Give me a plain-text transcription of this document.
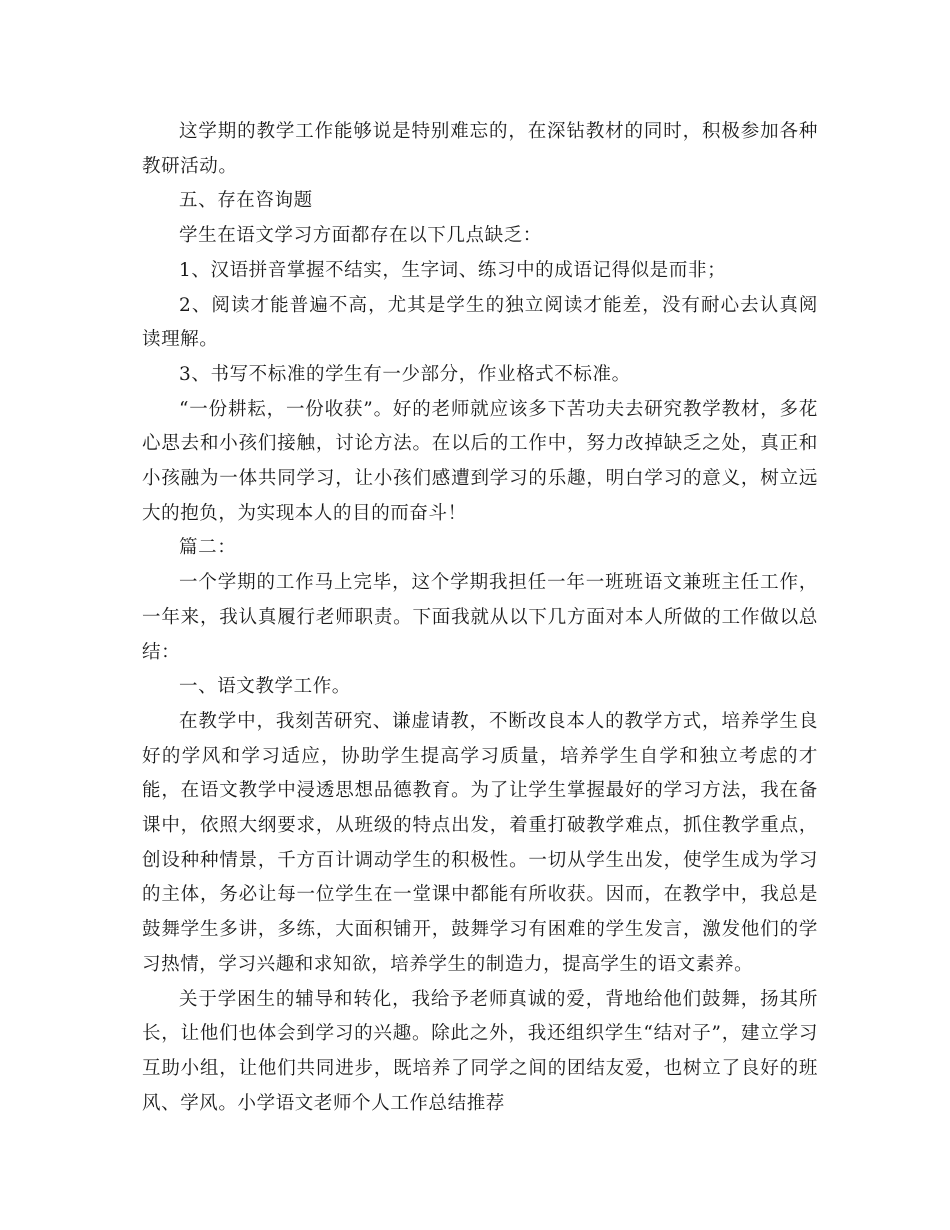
这学期的教学工作能够说是特别难忘的，在深钻教材的同时，积极参加各种教研活动。

五、存在咨询题

学生在语文学习方面都存在以下几点缺乏：

1、汉语拼音掌握不结实，生字词、练习中的成语记得似是而非；

2、阅读才能普遍不高，尤其是学生的独立阅读才能差，没有耐心去认真阅读理解。

3、书写不标准的学生有一少部分，作业格式不标准。

“一份耕耘，一份收获”。好的老师就应该多下苦功夫去研究教学教材，多花心思去和小孩们接触，讨论方法。在以后的工作中，努力改掉缺乏之处，真正和小孩融为一体共同学习，让小孩们感遭到学习的乐趣，明白学习的意义，树立远大的抱负，为实现本人的目的而奋斗！

篇二：

一个学期的工作马上完毕，这个学期我担任一年一班班语文兼班主任工作，一年来，我认真履行老师职责。下面我就从以下几方面对本人所做的工作做以总结：

一、语文教学工作。

在教学中，我刻苦研究、谦虚请教，不断改良本人的教学方式，培养学生良好的学风和学习适应，协助学生提高学习质量，培养学生自学和独立考虑的才能，在语文教学中浸透思想品德教育。为了让学生掌握最好的学习方法，我在备课中，依照大纲要求，从班级的特点出发，着重打破教学难点，抓住教学重点，创设种种情景，千方百计调动学生的积极性。一切从学生出发，使学生成为学习的主体，务必让每一位学生在一堂课中都能有所收获。因而，在教学中，我总是鼓舞学生多讲，多练，大面积铺开，鼓舞学习有困难的学生发言，激发他们的学习热情，学习兴趣和求知欲，培养学生的制造力，提高学生的语文素养。

关于学困生的辅导和转化，我给予老师真诚的爱，背地给他们鼓舞，扬其所长，让他们也体会到学习的兴趣。除此之外，我还组织学生“结对子”，建立学习互助小组，让他们共同进步，既培养了同学之间的团结友爱，也树立了良好的班风、学风。小学语文老师个人工作总结推荐
